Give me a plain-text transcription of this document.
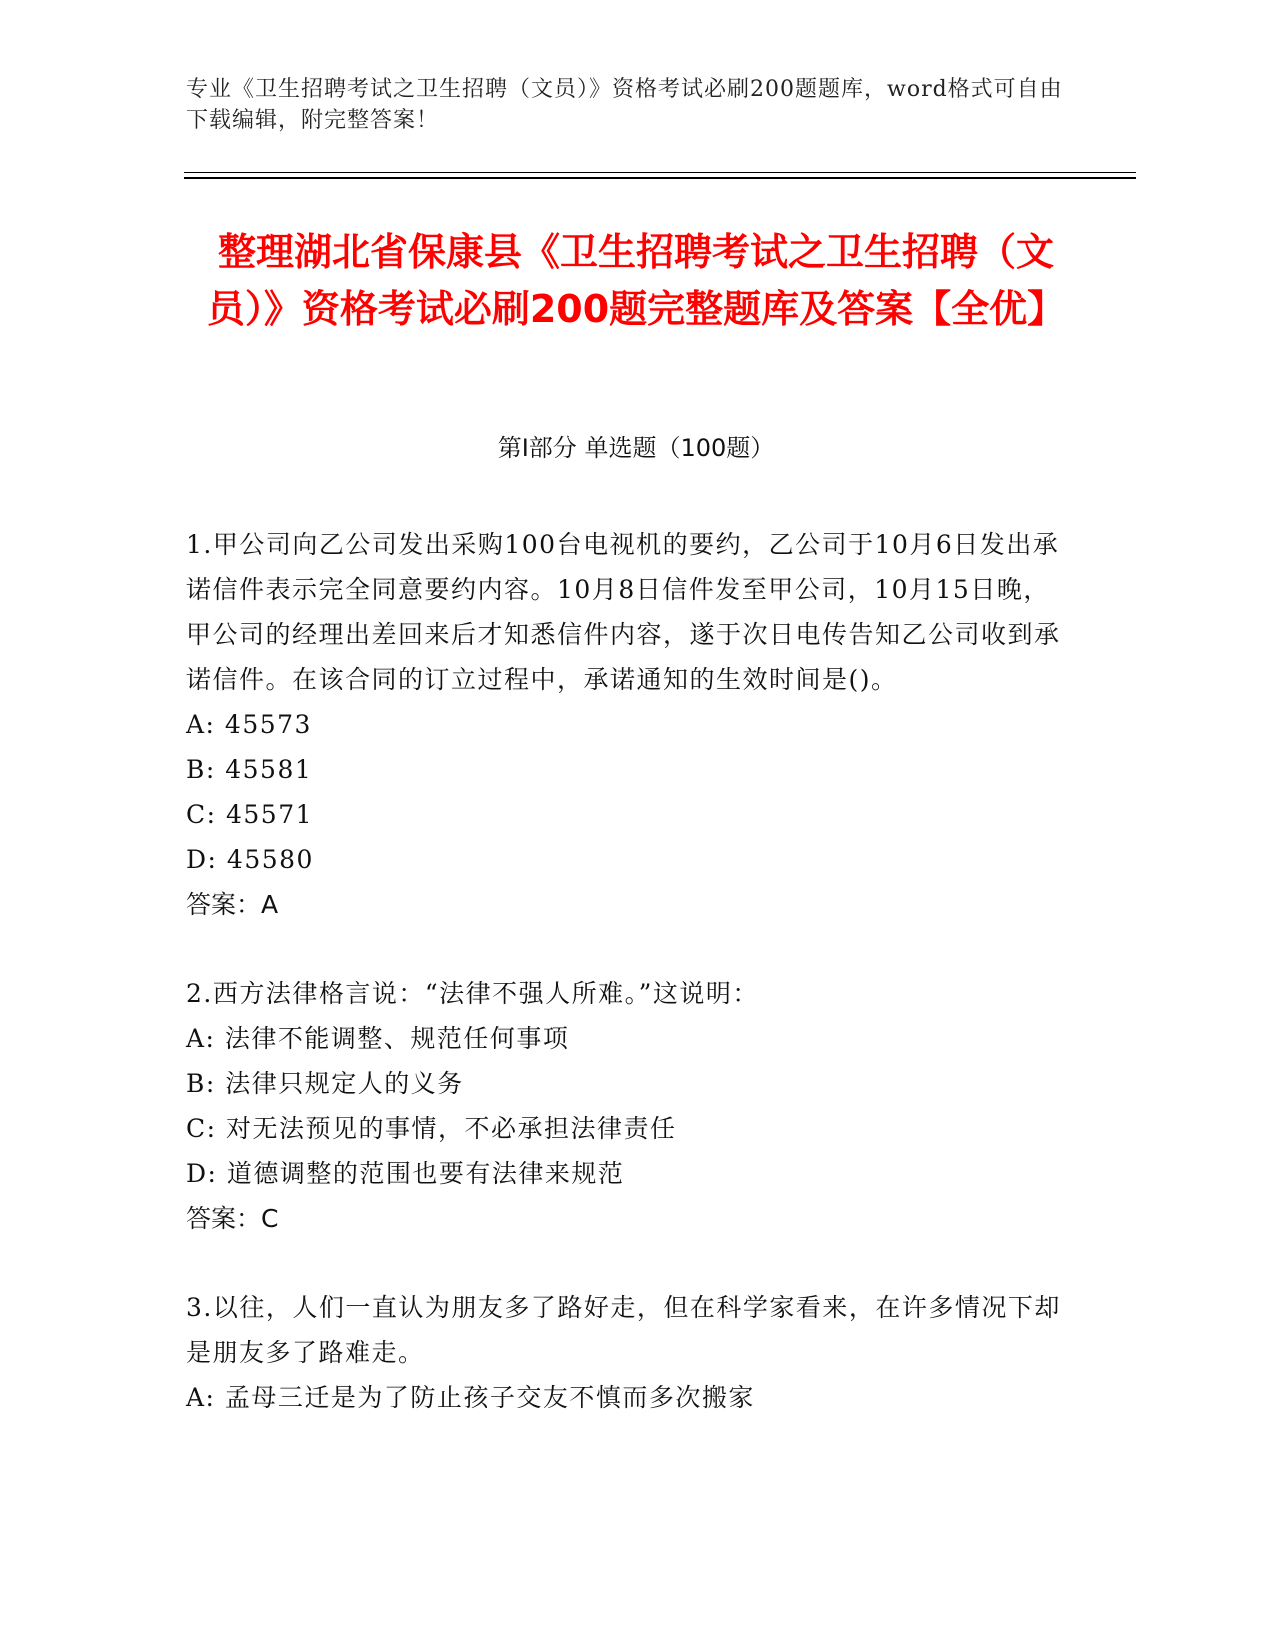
专业《卫生招聘考试之卫生招聘（文员）》资格考试必刷200题题库，word格式可自由下载编辑，附完整答案！
整理湖北省保康县《卫生招聘考试之卫生招聘（文员）》资格考试必刷200题完整题库及答案【全优】
第I部分 单选题（100题）
1.甲公司向乙公司发出采购100台电视机的要约，乙公司于10月6日发出承诺信件表示完全同意要约内容。10月8日信件发至甲公司，10月15日晚，甲公司的经理出差回来后才知悉信件内容，遂于次日电传告知乙公司收到承诺信件。在该合同的订立过程中，承诺通知的生效时间是()。
A: 45573
B: 45581
C: 45571
D: 45580
答案：A
2.西方法律格言说：“法律不强人所难。”这说明：
A: 法律不能调整、规范任何事项
B: 法律只规定人的义务
C: 对无法预见的事情，不必承担法律责任
D: 道德调整的范围也要有法律来规范
答案：C
3.以往，人们一直认为朋友多了路好走，但在科学家看来，在许多情况下却是朋友多了路难走。
A: 孟母三迁是为了防止孩子交友不慎而多次搬家
